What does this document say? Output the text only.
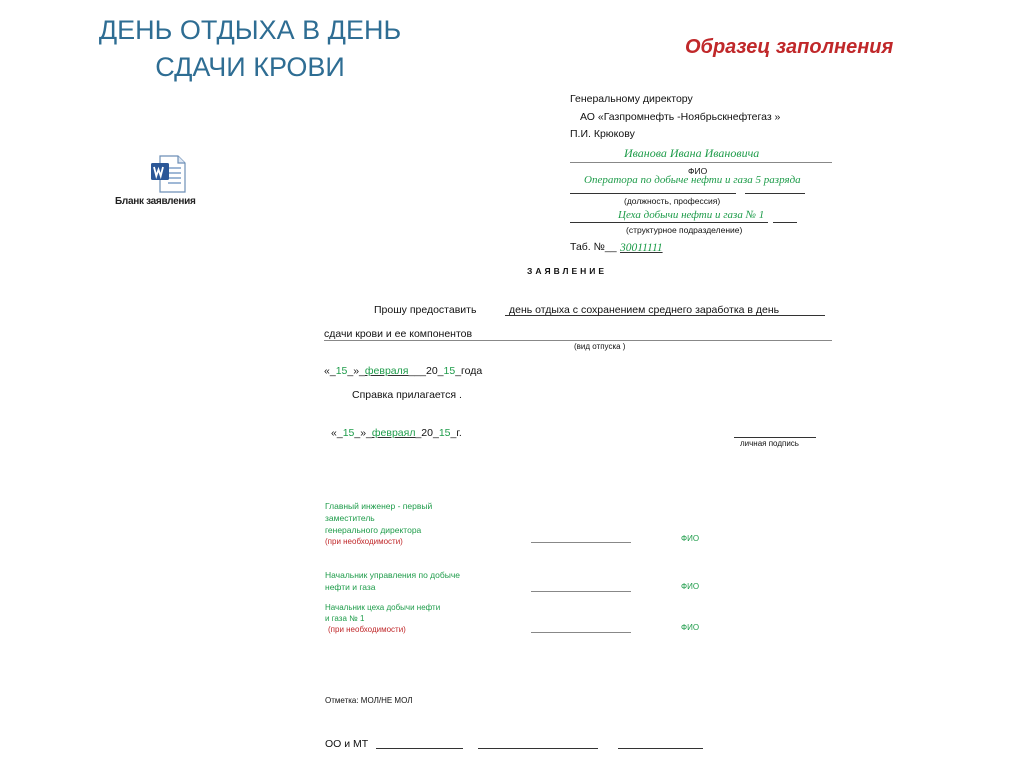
ДЕНЬ ОТДЫХА В ДЕНЬ СДАЧИ КРОВИ
Образец заполнения
Бланк заявления
Генеральному директору
АО «Газпромнефть -Ноябрьскнефтегаз »
П.И. Крюкову
Иванова Ивана Ивановича
ФИО
Оператора по добыче нефти и газа 5 разряда
(должность, профессия)
Цеха добычи нефти и газа № 1
(структурное подразделение)
Таб. №__ 30011111
ЗАЯВЛЕНИЕ
Прошу предоставить	день отдыха с сохранением среднего заработка в день
сдачи крови и ее компонентов
(вид отпуска )
«_15_»_февраля___20_15_года
Справка прилагается .
«_15_»_февраял_20_15_г.
личная подпись
Главный инженер - первый
заместитель
генерального директора
(при необходимости)	ФИО
Начальник управления по добыче
нефти и газа	ФИО
Начальник цеха добычи нефти
и газа № 1
(при необходимости)	ФИО
Отметка: МОЛ/НЕ МОЛ
ОО и МТ
